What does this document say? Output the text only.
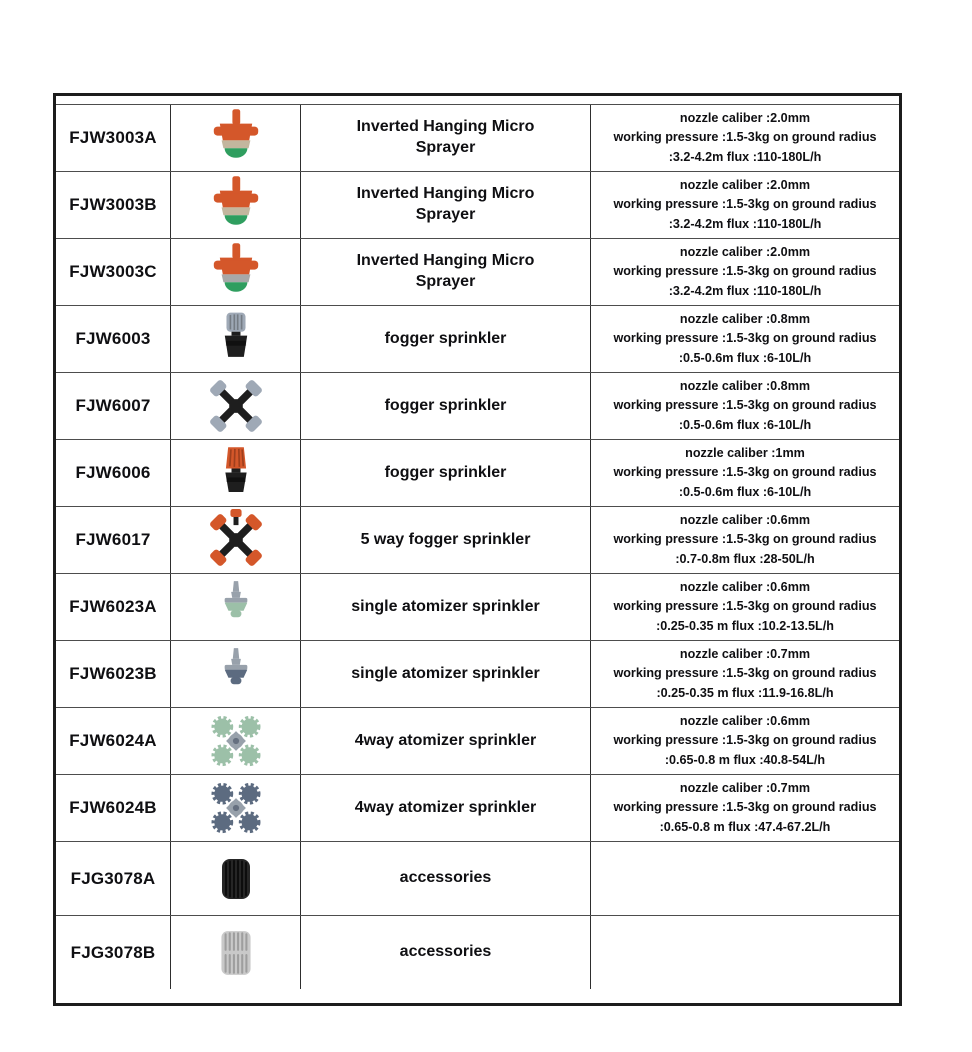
FJW3003A
Inverted Hanging Micro Sprayer
nozzle caliber :2.0mm
working pressure :1.5-3kg on ground radius
:3.2-4.2m flux :110-180L/h
FJW3003B
Inverted Hanging Micro Sprayer
nozzle caliber :2.0mm
working pressure :1.5-3kg on ground radius
:3.2-4.2m flux :110-180L/h
FJW3003C
Inverted Hanging Micro Sprayer
nozzle caliber :2.0mm
working pressure :1.5-3kg on ground radius
:3.2-4.2m flux :110-180L/h
FJW6003	fogger sprinkler
nozzle caliber :0.8mm
working pressure :1.5-3kg on ground radius
:0.5-0.6m flux :6-10L/h
FJW6007	fogger sprinkler
nozzle caliber :0.8mm
working pressure :1.5-3kg on ground radius
:0.5-0.6m flux :6-10L/h
FJW6006	fogger sprinkler
nozzle caliber :1mm
working pressure :1.5-3kg on ground radius
:0.5-0.6m flux :6-10L/h
FJW6017	5 way fogger sprinkler
nozzle caliber :0.6mm
working pressure :1.5-3kg on ground radius
:0.7-0.8m flux :28-50L/h
FJW6023A	single atomizer sprinkler
nozzle caliber :0.6mm
working pressure :1.5-3kg on ground radius
:0.25-0.35 m flux :10.2-13.5L/h
FJW6023B	single atomizer sprinkler
nozzle caliber :0.7mm
working pressure :1.5-3kg on ground radius
:0.25-0.35 m flux :11.9-16.8L/h
FJW6024A	4way atomizer sprinkler
nozzle caliber :0.6mm
working pressure :1.5-3kg on ground radius
:0.65-0.8 m flux :40.8-54L/h
FJW6024B	4way atomizer sprinkler
nozzle caliber :0.7mm
working pressure :1.5-3kg on ground radius
:0.65-0.8 m flux :47.4-67.2L/h
FJG3078A	accessories
FJG3078B	accessories
